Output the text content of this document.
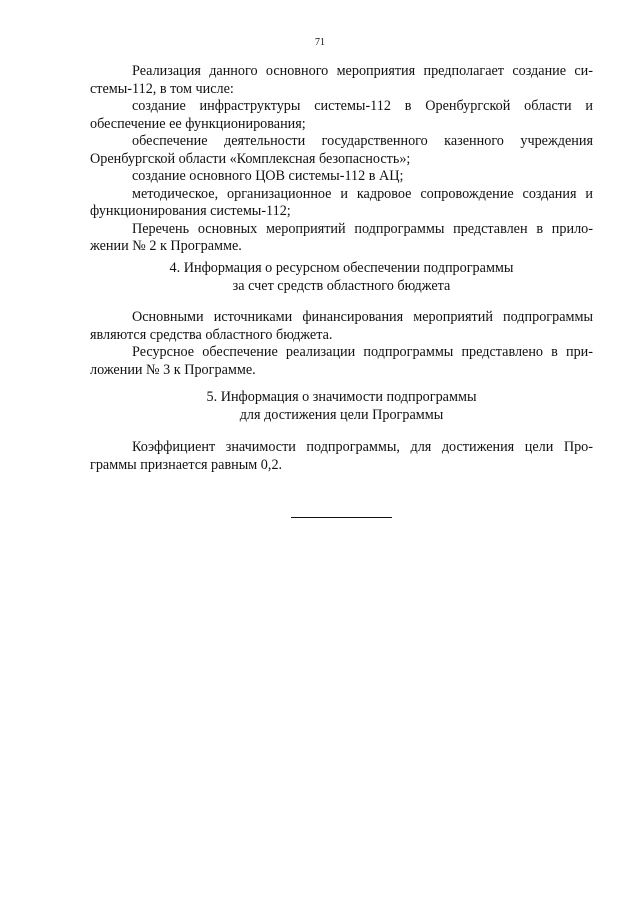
71

Реализация данного основного мероприятия предполагает создание системы-112, в том числе:

создание инфраструктуры системы-112 в Оренбургской области и обеспечение ее функционирования;

обеспечение деятельности государственного казенного учреждения Оренбургской области «Комплексная безопасность»;

создание основного ЦОВ системы-112 в АЦ;

методическое, организационное и кадровое сопровождение создания и функционирования системы-112;

Перечень основных мероприятий подпрограммы представлен в приложении № 2 к Программе.

4. Информация о ресурсном обеспечении подпрограммы

за счет средств областного бюджета

Основными источниками финансирования мероприятий подпрограммы являются средства областного бюджета.

Ресурсное обеспечение реализации подпрограммы представлено в приложении № 3 к Программе.

5. Информация о значимости подпрограммы

для достижения цели Программы

Коэффициент значимости подпрограммы, для достижения цели Программы признается равным 0,2.
